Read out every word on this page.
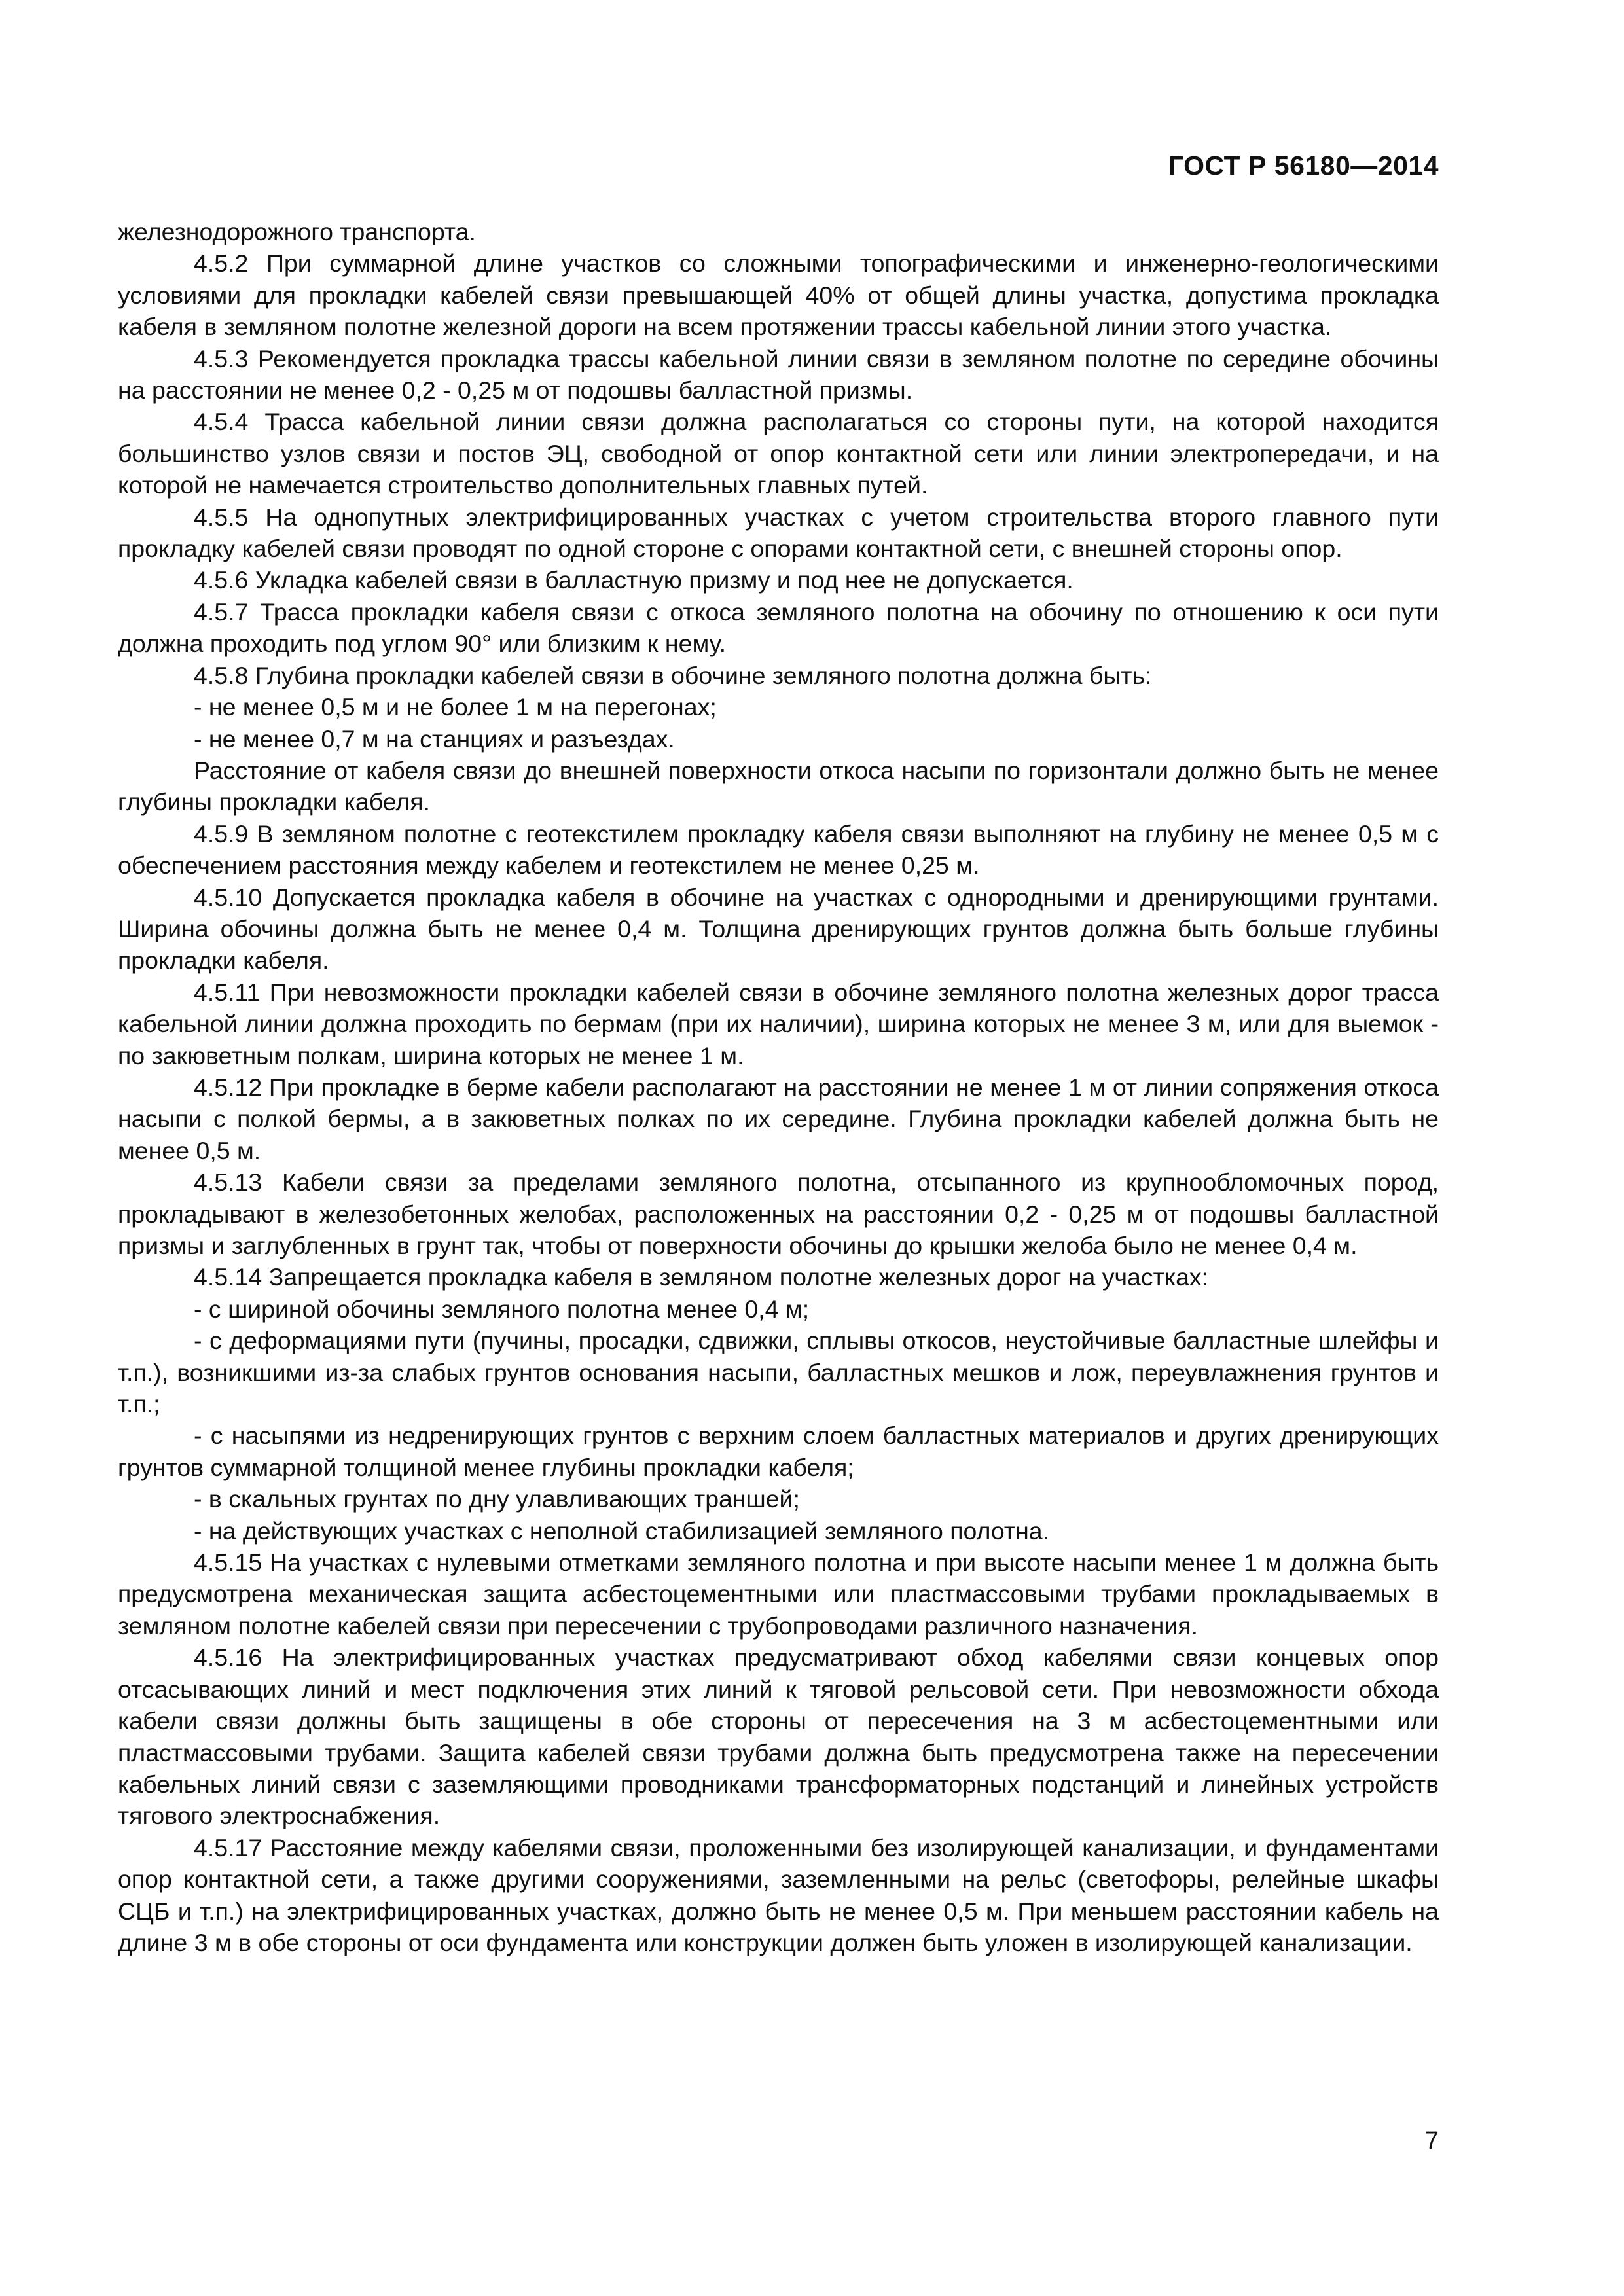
ГОСТ Р 56180—2014

железнодорожного транспорта.

4.5.2 При суммарной длине участков со сложными топографическими и инженерно-геологическими условиями для прокладки кабелей связи превышающей 40% от общей длины участка, допустима прокладка кабеля в земляном полотне железной дороги на всем протяжении трассы кабельной линии этого участка.

4.5.3 Рекомендуется прокладка трассы кабельной линии связи в земляном полотне по середине обочины на расстоянии не менее 0,2 - 0,25 м от подошвы балластной призмы.

4.5.4 Трасса кабельной линии связи должна располагаться со стороны пути, на которой находится большинство узлов связи и постов ЭЦ, свободной от опор контактной сети или линии электропередачи, и на которой не намечается строительство дополнительных главных путей.

4.5.5 На однопутных электрифицированных участках с учетом строительства второго главного пути прокладку кабелей связи проводят по одной стороне с опорами контактной сети, с внешней стороны опор.

4.5.6 Укладка кабелей связи в балластную призму и под нее не допускается.

4.5.7 Трасса прокладки кабеля связи с откоса земляного полотна на обочину по отношению к оси пути должна проходить под углом 90° или близким к нему.

4.5.8 Глубина прокладки кабелей связи в обочине земляного полотна должна быть:

- не менее 0,5 м и не более 1 м на перегонах;

- не менее 0,7 м на станциях и разъездах.

Расстояние от кабеля связи до внешней поверхности откоса насыпи по горизонтали должно быть не менее глубины прокладки кабеля.

4.5.9 В земляном полотне с геотекстилем прокладку кабеля связи выполняют на глубину не менее 0,5 м с обеспечением расстояния между кабелем и геотекстилем не менее 0,25 м.

4.5.10 Допускается прокладка кабеля в обочине на участках с однородными и дренирующими грунтами. Ширина обочины должна быть не менее 0,4 м. Толщина дренирующих грунтов должна быть больше глубины прокладки кабеля.

4.5.11 При невозможности прокладки кабелей связи в обочине земляного полотна железных дорог трасса кабельной линии должна проходить по бермам (при их наличии), ширина которых не менее 3 м, или для выемок - по закюветным полкам, ширина которых не менее 1 м.

4.5.12 При прокладке в берме кабели располагают на расстоянии не менее 1 м от линии сопряжения откоса насыпи с полкой бермы, а в закюветных полках по их середине. Глубина прокладки кабелей должна быть не менее 0,5 м.

4.5.13 Кабели связи за пределами земляного полотна, отсыпанного из крупнообломочных пород, прокладывают в железобетонных желобах, расположенных на расстоянии 0,2 - 0,25 м от подошвы балластной призмы и заглубленных в грунт так, чтобы от поверхности обочины до крышки желоба было не менее 0,4 м.

4.5.14 Запрещается прокладка кабеля в земляном полотне железных дорог на участках:

- с шириной обочины земляного полотна менее 0,4 м;

- с деформациями пути (пучины, просадки, сдвижки, сплывы откосов, неустойчивые балластные шлейфы и т.п.), возникшими из-за слабых грунтов основания насыпи, балластных мешков и лож, переувлажнения грунтов и т.п.;

- с насыпями из недренирующих грунтов с верхним слоем балластных материалов и других дренирующих грунтов суммарной толщиной менее глубины прокладки кабеля;

- в скальных грунтах по дну улавливающих траншей;

- на действующих участках с неполной стабилизацией земляного полотна.

4.5.15 На участках с нулевыми отметками земляного полотна и при высоте насыпи менее 1 м должна быть предусмотрена механическая защита асбестоцементными или пластмассовыми трубами прокладываемых в земляном полотне кабелей связи при пересечении с трубопроводами различного назначения.

4.5.16 На электрифицированных участках предусматривают обход кабелями связи концевых опор отсасывающих линий и мест подключения этих линий к тяговой рельсовой сети. При невозможности обхода кабели связи должны быть защищены в обе стороны от пересечения на 3 м асбестоцементными или пластмассовыми трубами. Защита кабелей связи трубами должна быть предусмотрена также на пересечении кабельных линий связи с заземляющими проводниками трансформаторных подстанций и линейных устройств тягового электроснабжения.

4.5.17 Расстояние между кабелями связи, проложенными без изолирующей канализации, и фундаментами опор контактной сети, а также другими сооружениями, заземленными на рельс (светофоры, релейные шкафы СЦБ и т.п.) на электрифицированных участках, должно быть не менее 0,5 м. При меньшем расстоянии кабель на длине 3 м в обе стороны от оси фундамента или конструкции должен быть уложен в изолирующей канализации.

7
